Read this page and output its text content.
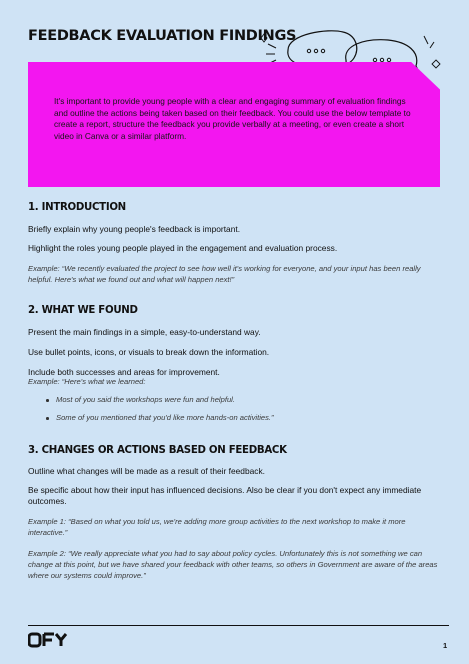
FEEDBACK EVALUATION FINDINGS
It's important to provide young people with a clear and engaging summary of evaluation findings and outline the actions being taken based on their feedback. You could use the below template to create a report, structure the feedback you provide verbally at a meeting, or even create a short video in Canva or a similar platform.
1. INTRODUCTION
Briefly explain why young people's feedback is important.
Highlight the roles young people played in the engagement and evaluation process.
Example: “We recently evaluated the project to see how well it's working for everyone, and your input has been really helpful. Here's what we found out and what will happen next!”
2. WHAT WE FOUND
Present the main findings in a simple, easy-to-understand way.
Use bullet points, icons, or visuals to break down the information.
Include both successes and areas for improvement.
Example: “Here's what we learned:
Most of you said the workshops were fun and helpful.
Some of you mentioned that you'd like more hands-on activities.”
3. CHANGES OR ACTIONS BASED ON FEEDBACK
Outline what changes will be made as a result of their feedback.
Be specific about how their input has influenced decisions. Also be clear if you don't expect any immediate outcomes.
Example 1: “Based on what you told us, we're adding more group activities to the next workshop to make it more interactive.”
Example 2: “We really appreciate what you had to say about policy cycles. Unfortunately this is not something we can change at this point, but we have shared your feedback with other teams, so others in Government are aware of the areas where our systems could improve.”
1
